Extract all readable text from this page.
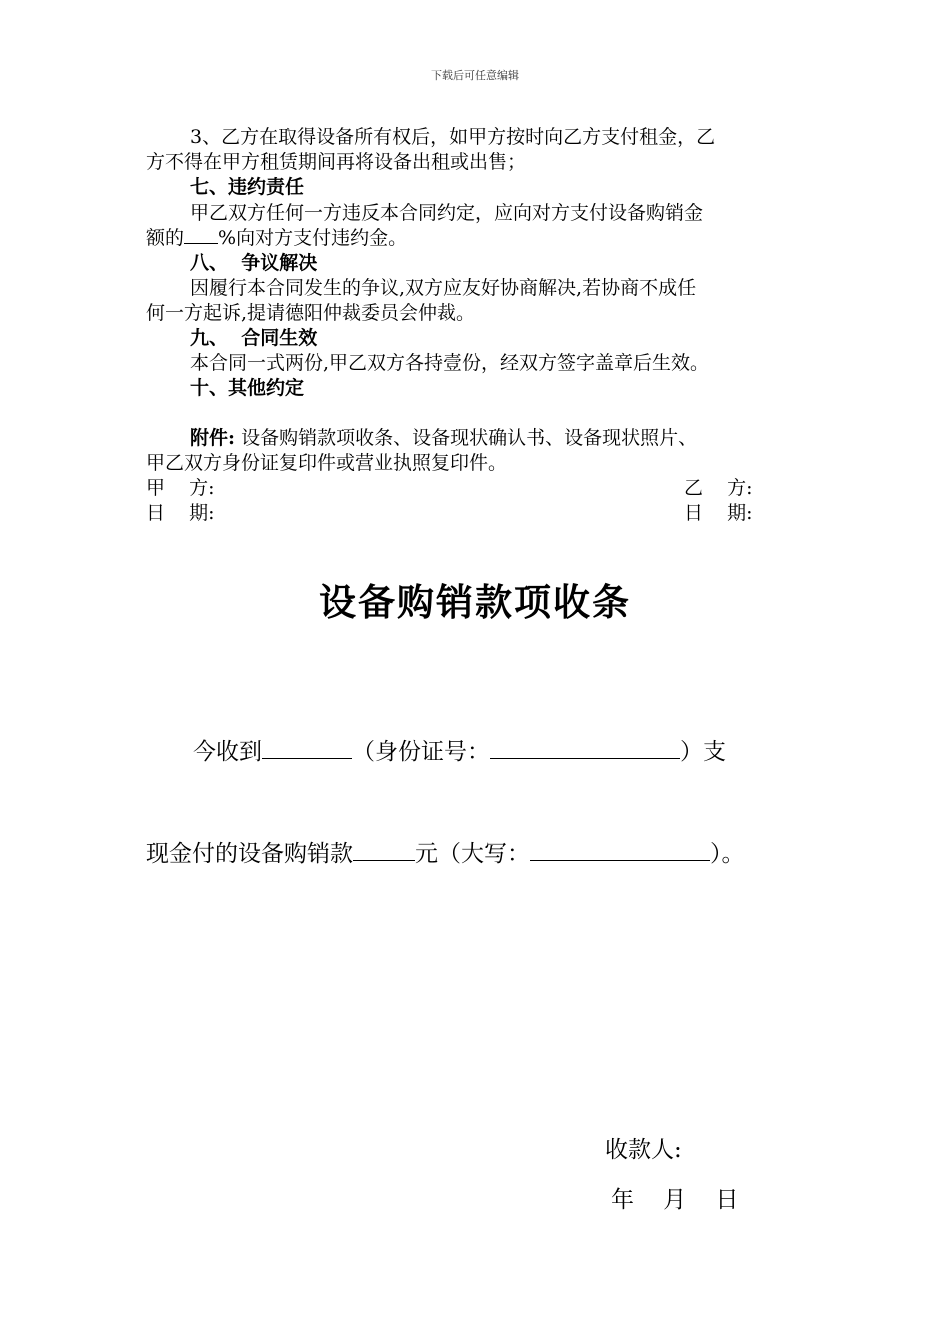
下载后可任意编辑
3、乙方在取得设备所有权后，如甲方按时向乙方支付租金，乙
方不得在甲方租赁期间再将设备出租或出售；
七、违约责任
甲乙双方任何一方违反本合同约定，应向对方支付设备购销金
额的 %向对方支付违约金。
八、  争议解决
因履行本合同发生的争议,双方应友好协商解决,若协商不成任
何一方起诉,提请德阳仲裁委员会仲裁。
九、  合同生效
本合同一式两份,甲乙双方各持壹份，经双方签字盖章后生效。
十、其他约定
附件: 设备购销款项收条、设备现状确认书、设备现状照片、
甲乙双方身份证复印件或营业执照复印件。
甲    方:	乙    方:
日    期:	日    期:
设备购销款项收条
今收到	（身份证号：	）支
现金付的设备购销款	元（大写：	）。
收款人:
年    月    日
